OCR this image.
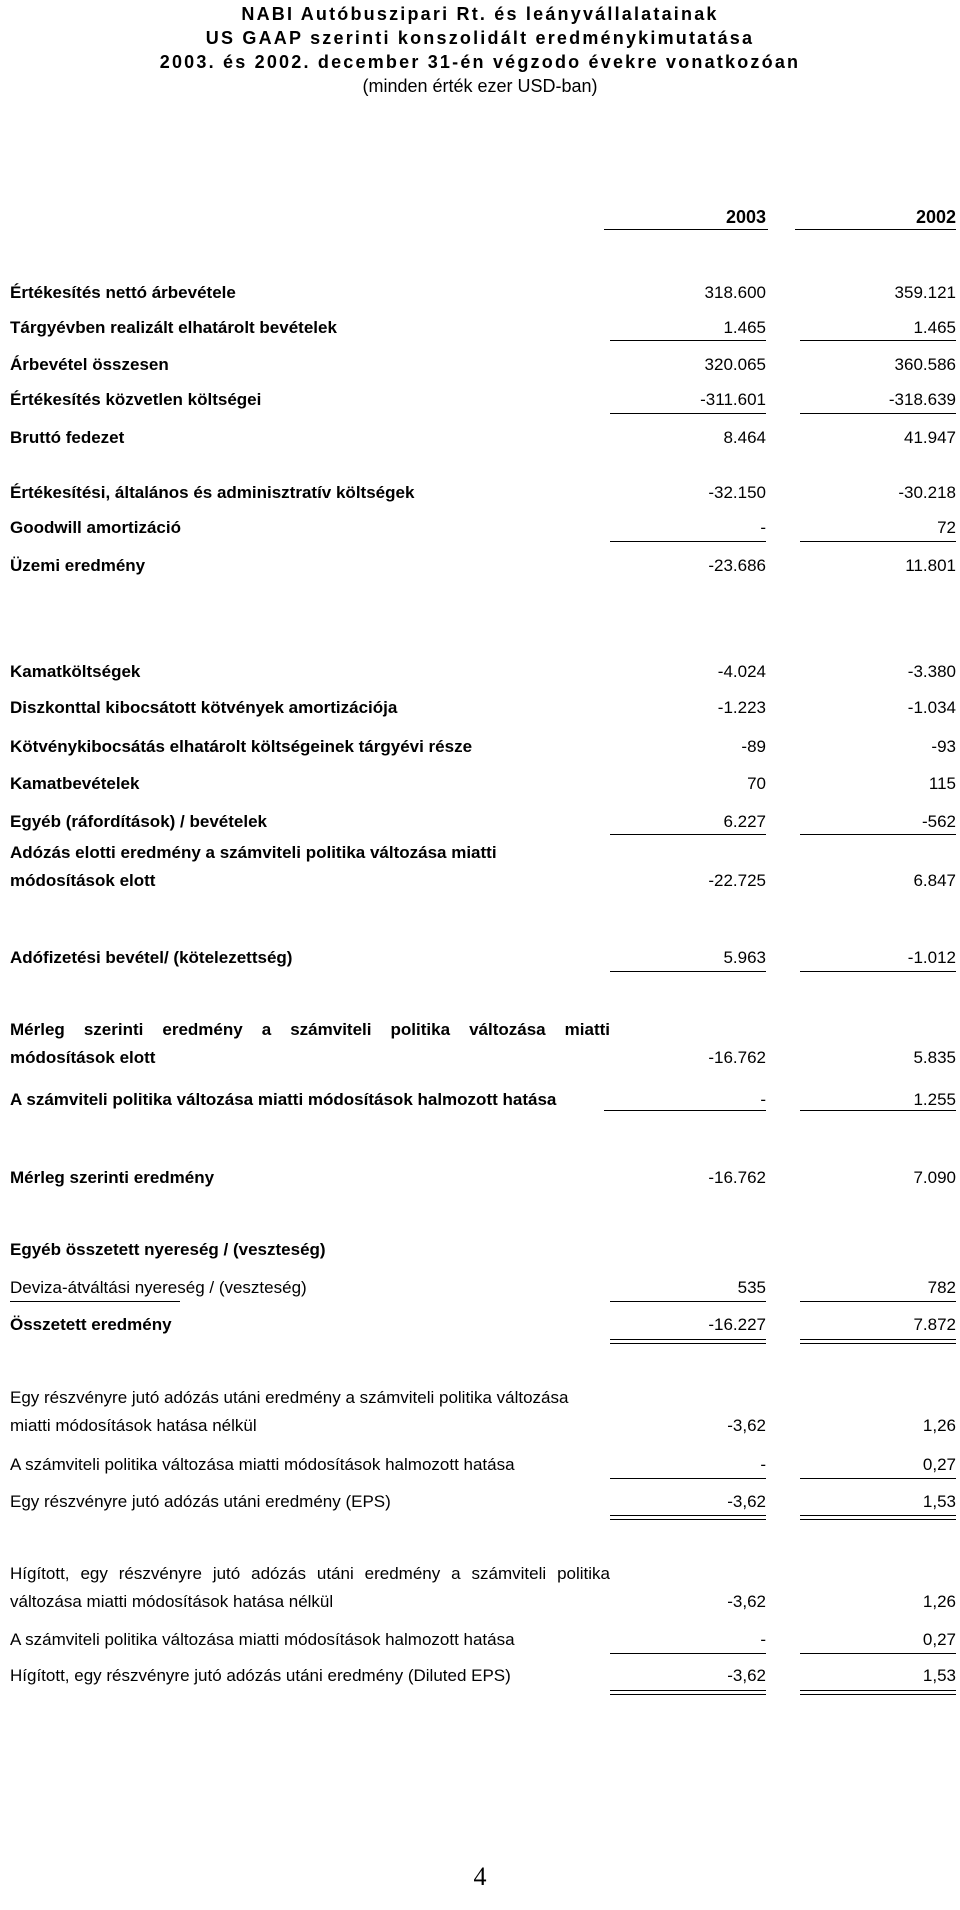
NABI Autóbuszipari Rt. és leányvállalatainak
US GAAP szerinti konszolidált eredménykimutatása
2003. és 2002. december 31-én végzodo évekre vonatkozóan
(minden érték ezer USD-ban)
2003	2002
Értékesítés nettó árbevétele	318.600	359.121
Tárgyévben realizált elhatárolt bevételek	1.465	1.465
Árbevétel összesen	320.065	360.586
Értékesítés közvetlen költségei	-311.601	-318.639
Bruttó fedezet	8.464	41.947
Értékesítési, általános és adminisztratív költségek	-32.150	-30.218
Goodwill amortizáció	-	72
Üzemi eredmény	-23.686	11.801
Kamatköltségek	-4.024	-3.380
Diszkonttal kibocsátott kötvények amortizációja	-1.223	-1.034
Kötvénykibocsátás elhatárolt költségeinek tárgyévi része	-89	-93
Kamatbevételek	70	115
Egyéb (ráfordítások) / bevételek	6.227	-562
Adózás elotti eredmény a számviteli politika változása miatti módosítások elott	-22.725	6.847
Adófizetési bevétel/ (kötelezettség)	5.963	-1.012
Mérleg szerinti eredmény a számviteli politika változása miatti módosítások elott	-16.762	5.835
A számviteli politika változása miatti módosítások halmozott hatása	-	1.255
Mérleg szerinti eredmény	-16.762	7.090
Egyéb összetett nyereség / (veszteség)
Deviza-átváltási nyereség / (veszteség)	535	782
Összetett eredmény	-16.227	7.872
Egy részvényre jutó adózás utáni eredmény a számviteli politika változása miatti módosítások hatása nélkül	-3,62	1,26
A számviteli politika változása miatti módosítások halmozott hatása	-	0,27
Egy részvényre jutó adózás utáni eredmény (EPS)	-3,62	1,53
Hígított, egy részvényre jutó adózás utáni eredmény a számviteli politika változása miatti módosítások hatása nélkül	-3,62	1,26
A számviteli politika változása miatti módosítások halmozott hatása	-	0,27
Hígított, egy részvényre jutó adózás utáni eredmény (Diluted EPS)	-3,62	1,53
4
